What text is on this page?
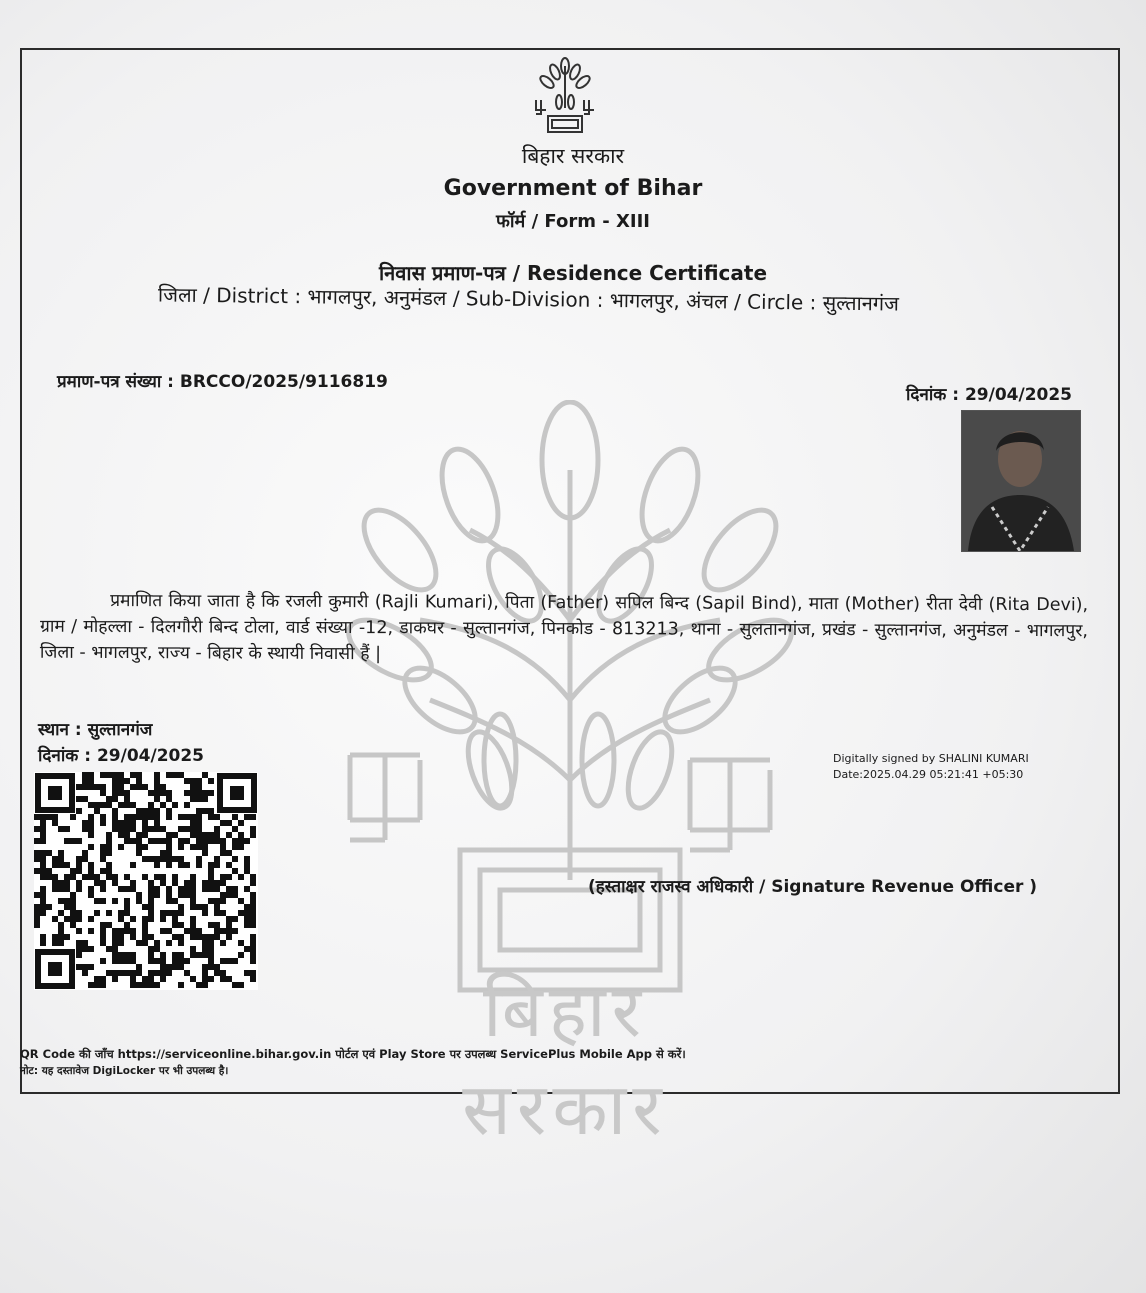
बिहार सरकार
बिहार सरकार
Government of Bihar
फॉर्म / Form - XIII
निवास प्रमाण-पत्र / Residence Certificate
जिला / District : भागलपुर, अनुमंडल / Sub-Division : भागलपुर, अंचल / Circle : सुल्तानगंज
प्रमाण-पत्र संख्या : BRCCO/2025/9116819
दिनांक : 29/04/2025
प्रमाणित किया जाता है कि रजली कुमारी (Rajli Kumari), पिता (Father) सपिल बिन्द (Sapil Bind), माता (Mother) रीता देवी (Rita Devi), ग्राम / मोहल्ला - दिलगौरी बिन्द टोला, वार्ड संख्या -12, डाकघर - सुल्तानगंज, पिनकोड - 813213, थाना - सुलतानगंज, प्रखंड - सुल्तानगंज, अनुमंडल - भागलपुर, जिला - भागलपुर, राज्य - बिहार के स्थायी निवासी हैं |
स्थान : सुल्तानगंज
दिनांक : 29/04/2025	Digitally signed by SHALINI KUMARI
Date:2025.04.29 05:21:41 +05:30
(हस्ताक्षर राजस्व अधिकारी / Signature Revenue Officer )
QR Code की जाँच https://serviceonline.bihar.gov.in पोर्टल एवं Play Store पर उपलब्ध ServicePlus Mobile App से करें।
नोट: यह दस्तावेज DigiLocker पर भी उपलब्ध है।
